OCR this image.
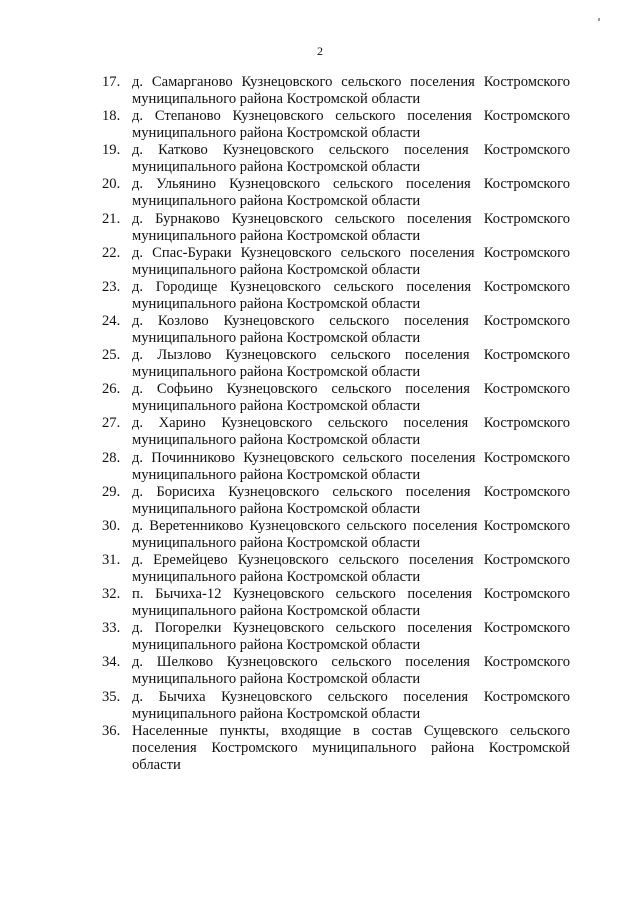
2
17. д. Самарганово Кузнецовского сельского поселения Костромского муниципального района Костромской области
18. д. Степаново Кузнецовского сельского поселения Костромского муниципального района Костромской области
19. д. Катково Кузнецовского сельского поселения Костромского муниципального района Костромской области
20. д. Ульянино Кузнецовского сельского поселения Костромского муниципального района Костромской области
21. д. Бурнаково Кузнецовского сельского поселения Костромского муниципального района Костромской области
22. д. Спас-Бураки Кузнецовского сельского поселения Костромского муниципального района Костромской области
23. д. Городище Кузнецовского сельского поселения Костромского муниципального района Костромской области
24. д. Козлово Кузнецовского сельского поселения Костромского муниципального района Костромской области
25. д. Лызлово Кузнецовского сельского поселения Костромского муниципального района Костромской области
26. д. Софьино Кузнецовского сельского поселения Костромского муниципального района Костромской области
27. д. Харино Кузнецовского сельского поселения Костромского муниципального района Костромской области
28. д. Починниково Кузнецовского сельского поселения Костромского муниципального района Костромской области
29. д. Борисиха Кузнецовского сельского поселения Костромского муниципального района Костромской области
30. д. Веретенниково Кузнецовского сельского поселения Костромского муниципального района Костромской области
31. д. Еремейцево Кузнецовского сельского поселения Костромского муниципального района Костромской области
32. п. Бычиха-12 Кузнецовского сельского поселения Костромского муниципального района Костромской области
33. д. Погорелки Кузнецовского сельского поселения Костромского муниципального района Костромской области
34. д. Шелково Кузнецовского сельского поселения Костромского муниципального района Костромской области
35. д. Бычиха Кузнецовского сельского поселения Костромского муниципального района Костромской области
36. Населенные пункты, входящие в состав Сущевского сельского поселения Костромского муниципального района Костромской области
